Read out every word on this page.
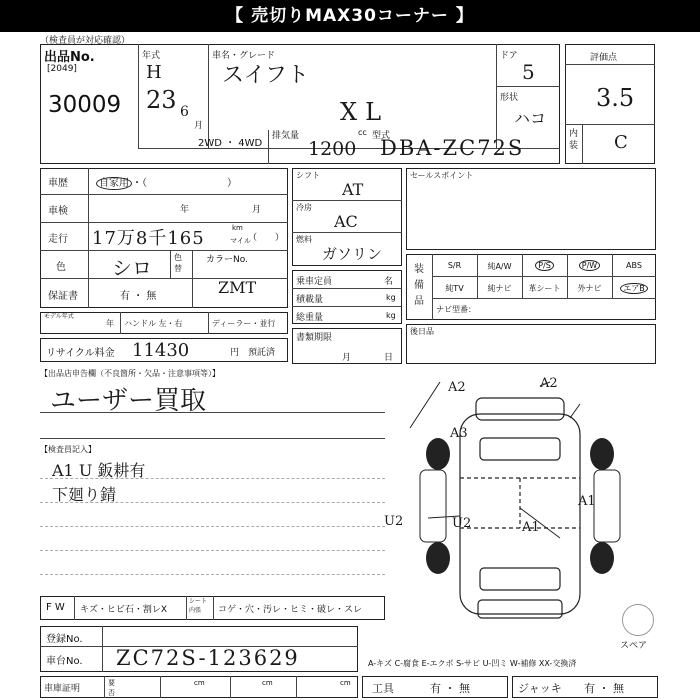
【 売切りMAX30コーナー 】
（検査員が対応確認）
出品No.
[2049]
30009
年式
H
23 6
月
車名・グレード
スイフト
XL
ドア
5
形状
ハコ
2WD ・ 4WD
排気量	cc
1200
型式
DBA-ZC72S
評価点
3.5
内装 C
車歴	自家用 ・（　　　　　　　　）
車検	年	月
走行 17万8千165	km
マイル
（　　）
色 シロ	色替
カラーNo.
ZMT
保証書	有 ・ 無
モデル年式
年 ハンドル 左・右	ディーラー・並行
リサイクル料金 11430	円 預託済
シフト
AT
冷房
AC
燃料
ガソリン
乗車定員	名
積載量	kg
総重量	kg
書類期限
月	日
セールスポイント
装備品
S/R	純A/W	P/S	P/W	ABS
純TV	純ナビ	革シート	外ナビ	エアB
ナビ型番：
後日品
【出品店申告欄（不良箇所・欠品・注意事項等）】
ユーザー買取
【検査員記入】
A1 U 鈑耕有
下廻り錆
F W キズ・ヒビ石・割レX
シート内張	コゲ・穴・汚レ・ヒミ・破レ・スレ
A2	A2
A3
U2
A1
U2	A1
スペア
登録No.
車台No. ZC72S-123629	A-キズ C-腐食 E-エクボ S-サビ U-凹ミ W-補修 XX-交換済
車庫証明
要
否
cm	cm	cm 工具	有 ・ 無	ジャッキ 有 ・ 無
